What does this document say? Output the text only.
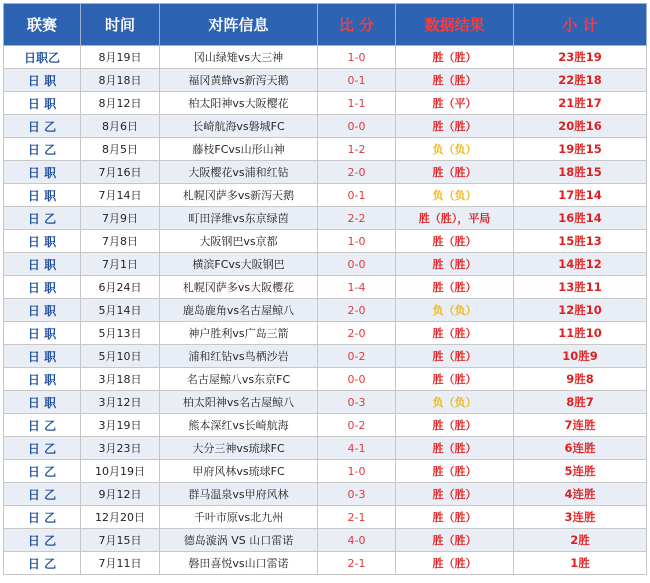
联赛	时间	对阵信息	比 分	数据结果	小 计
日职乙	8月19日	冈山绿雉vs大三神	1-0	胜（胜）	23胜19
日 职	8月18日	福冈黄蜂vs新泻天鹅	0-1	胜（胜）	22胜18
日 职	8月12日	柏太阳神vs大阪樱花	1-1	胜（平）	21胜17
日 乙	8月6日	长崎航海vs磐城FC	0-0	胜（胜）	20胜16
日 乙	8月5日	藤枝FCvs山形山神	1-2	负（负）	19胜15
日 职	7月16日	大阪樱花vs浦和红钻	2-0	胜（胜）	18胜15
日 职	7月14日	札幌冈萨多vs新泻天鹅	0-1	负（负）	17胜14
日 乙	7月9日	町田泽维vs东京绿茵	2-2	胜（胜），平局	16胜14
日 职	7月8日	大阪钢巴vs京都	1-0	胜（胜）	15胜13
日 职	7月1日	横滨FCvs大阪钢巴	0-0	胜（胜）	14胜12
日 职	6月24日	札幌冈萨多vs大阪樱花	1-4	胜（胜）	13胜11
日 职	5月14日	鹿岛鹿角vs名古屋鲸八	2-0	负（负）	12胜10
日 职	5月13日	神户胜利vs广岛三箭	2-0	胜（胜）	11胜10
日 职	5月10日	浦和红钻vs鸟栖沙岩	0-2	胜（胜）	10胜9
日 职	3月18日	名古屋鲸八vs东京FC	0-0	胜（胜）	9胜8
日 职	3月12日	柏太阳神vs名古屋鲸八	0-3	负（负）	8胜7
日 乙	3月19日	熊本深红vs长崎航海	0-2	胜（胜）	7连胜
日 乙	3月23日	大分三神vs琉球FC	4-1	胜（胜）	6连胜
日 乙	10月19日	甲府风林vs琉球FC	1-0	胜（胜）	5连胜
日 乙	9月12日	群马温泉vs甲府风林	0-3	胜（胜）	4连胜
日 乙	12月20日	千叶市原vs北九州	2-1	胜（胜）	3连胜
日 乙	7月15日	德岛漩涡 VS 山口雷诺	4-0	胜（胜）	2胜
日 乙	7月11日	磐田喜悦vs山口雷诺	2-1	胜（胜）	1胜
